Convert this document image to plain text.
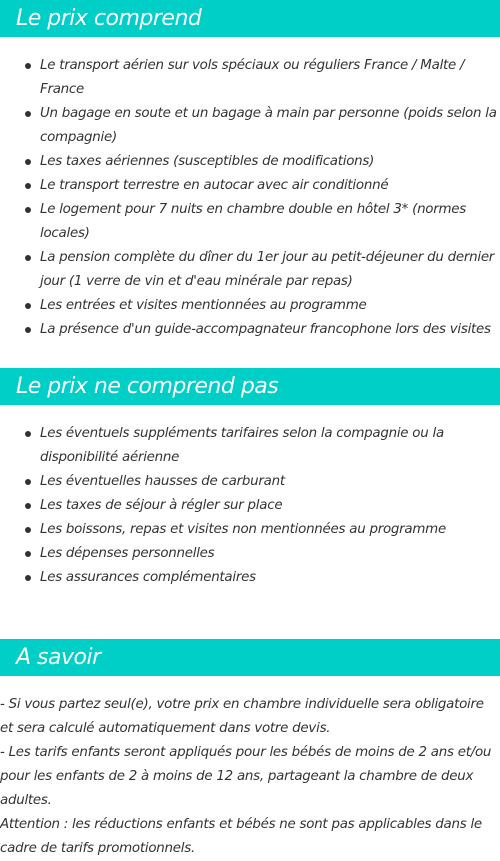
Le prix comprend
Le transport aérien sur vols spéciaux ou réguliers France / Malte / France
Un bagage en soute et un bagage à main par personne (poids selon la compagnie)
Les taxes aériennes (susceptibles de modifications)
Le transport terrestre en autocar avec air conditionné
Le logement pour 7 nuits en chambre double en hôtel 3* (normes locales)
La pension complète du dîner du 1er jour au petit-déjeuner du dernier jour (1 verre de vin et d'eau minérale par repas)
Les entrées et visites mentionnées au programme
La présence d'un guide-accompagnateur francophone lors des visites
Le prix ne comprend pas
Les éventuels suppléments tarifaires selon la compagnie ou la disponibilité aérienne
Les éventuelles hausses de carburant
Les taxes de séjour à régler sur place
Les boissons, repas et visites non mentionnées au programme
Les dépenses personnelles
Les assurances complémentaires
A savoir

- Si vous partez seul(e), votre prix en chambre individuelle sera obligatoire et sera calculé automatiquement dans votre devis.

- Les tarifs enfants seront appliqués pour les bébés de moins de 2 ans et/ou pour les enfants de 2 à moins de 12 ans, partageant la chambre de deux adultes.

Attention : les réductions enfants et bébés ne sont pas applicables dans le cadre de tarifs promotionnels.
